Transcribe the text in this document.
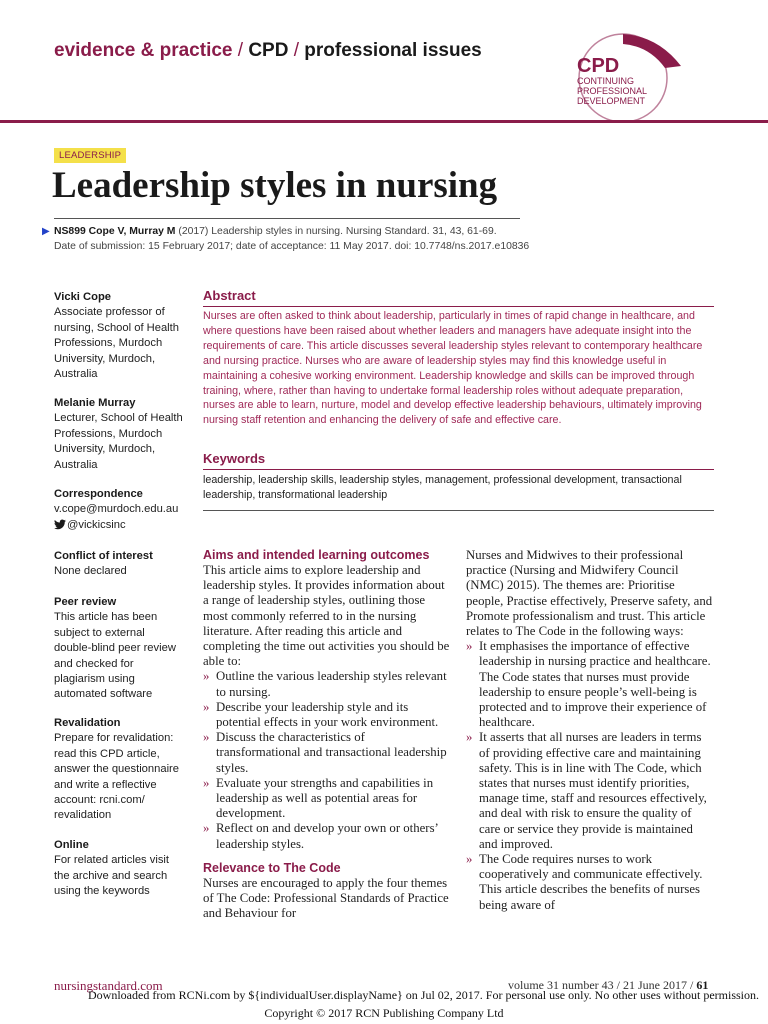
evidence & practice / CPD / professional issues
CPD
CONTINUING
PROFESSIONAL
DEVELOPMENT
LEADERSHIP
Leadership styles in nursing
▶ NS899 Cope V, Murray M (2017) Leadership styles in nursing. Nursing Standard. 31, 43, 61-69.
Date of submission: 15 February 2017; date of acceptance: 11 May 2017. doi: 10.7748/ns.2017.e10836
Vicki Cope
Associate professor of nursing, School of Health Professions, Murdoch University, Murdoch, Australia
Melanie Murray
Lecturer, School of Health Professions, Murdoch University, Murdoch, Australia
Correspondence
v.cope@murdoch.edu.au
@vickicsinc
Conflict of interest
None declared
Peer review
This article has been subject to external double-blind peer review and checked for plagiarism using automated software
Revalidation
Prepare for revalidation: read this CPD article, answer the questionnaire and write a reflective account: rcni.com/ revalidation
Online
For related articles visit the archive and search using the keywords
Abstract
Nurses are often asked to think about leadership, particularly in times of rapid change in healthcare, and where questions have been raised about whether leaders and managers have adequate insight into the requirements of care. This article discusses several leadership styles relevant to contemporary healthcare and nursing practice. Nurses who are aware of leadership styles may find this knowledge useful in maintaining a cohesive working environment. Leadership knowledge and skills can be improved through training, where, rather than having to undertake formal leadership roles without adequate preparation, nurses are able to learn, nurture, model and develop effective leadership behaviours, ultimately improving nursing staff retention and enhancing the delivery of safe and effective care.
Keywords
leadership, leadership skills, leadership styles, management, professional development, transactional leadership, transformational leadership
Aims and intended learning outcomes
This article aims to explore leadership and leadership styles. It provides information about a range of leadership styles, outlining those most commonly referred to in the nursing literature. After reading this article and completing the time out activities you should be able to:
» Outline the various leadership styles relevant to nursing.
» Describe your leadership style and its potential effects in your work environment.
» Discuss the characteristics of transformational and transactional leadership styles.
» Evaluate your strengths and capabilities in leadership as well as potential areas for development.
» Reflect on and develop your own or others’ leadership styles.
Relevance to The Code
Nurses are encouraged to apply the four themes of The Code: Professional Standards of Practice and Behaviour for
Nurses and Midwives to their professional practice (Nursing and Midwifery Council (NMC) 2015). The themes are: Prioritise people, Practise effectively, Preserve safety, and Promote professionalism and trust. This article relates to The Code in the following ways:
» It emphasises the importance of effective leadership in nursing practice and healthcare. The Code states that nurses must provide leadership to ensure people’s well-being is protected and to improve their experience of healthcare.
» It asserts that all nurses are leaders in terms of providing effective care and maintaining safety. This is in line with The Code, which states that nurses must identify priorities, manage time, staff and resources effectively, and deal with risk to ensure the quality of care or service they provide is maintained and improved.
» The Code requires nurses to work cooperatively and communicate effectively. This article describes the benefits of nurses being aware of
nursingstandard.com	volume 31 number 43 / 21 June 2017 / 61
Downloaded from RCNi.com by ${individualUser.displayName} on Jul 02, 2017. For personal use only. No other uses without permission.
Copyright © 2017 RCN Publishing Company Ltd
